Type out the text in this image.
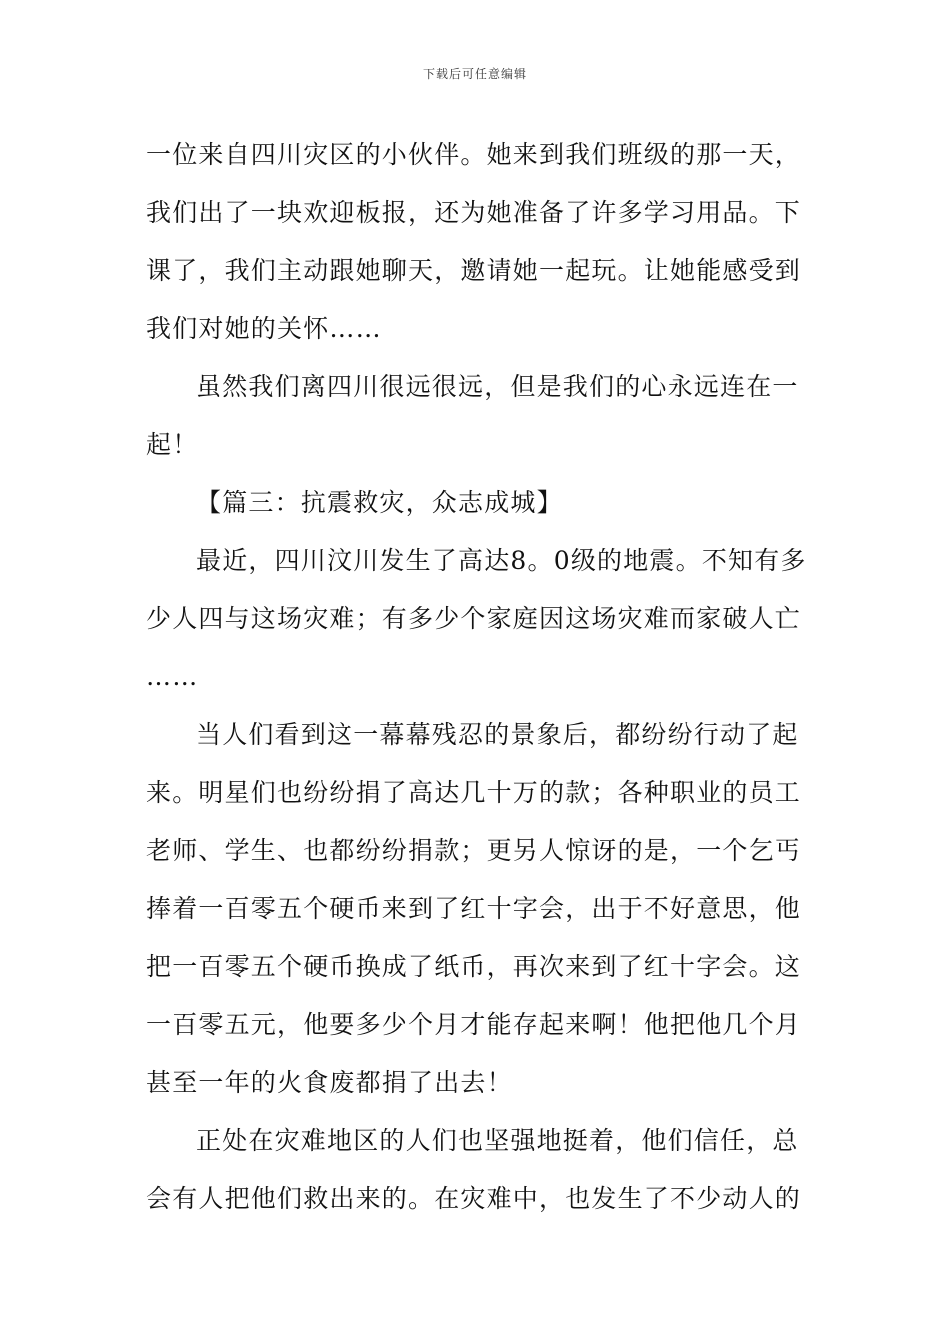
下载后可任意编辑
一位来自四川灾区的小伙伴。她来到我们班级的那一天，
我们出了一块欢迎板报，还为她准备了许多学习用品。下
课了，我们主动跟她聊天，邀请她一起玩。让她能感受到
我们对她的关怀……
虽然我们离四川很远很远，但是我们的心永远连在一
起！
【篇三：抗震救灾，众志成城】
最近，四川汶川发生了高达8。0级的地震。不知有多
少人四与这场灾难；有多少个家庭因这场灾难而家破人亡
……
当人们看到这一幕幕残忍的景象后，都纷纷行动了起
来。明星们也纷纷捐了高达几十万的款；各种职业的员工
老师、学生、也都纷纷捐款；更另人惊讶的是，一个乞丐
捧着一百零五个硬币来到了红十字会，出于不好意思，他
把一百零五个硬币换成了纸币，再次来到了红十字会。这
一百零五元，他要多少个月才能存起来啊！他把他几个月
甚至一年的火食废都捐了出去！
正处在灾难地区的人们也坚强地挺着，他们信任，总
会有人把他们救出来的。在灾难中，也发生了不少动人的
